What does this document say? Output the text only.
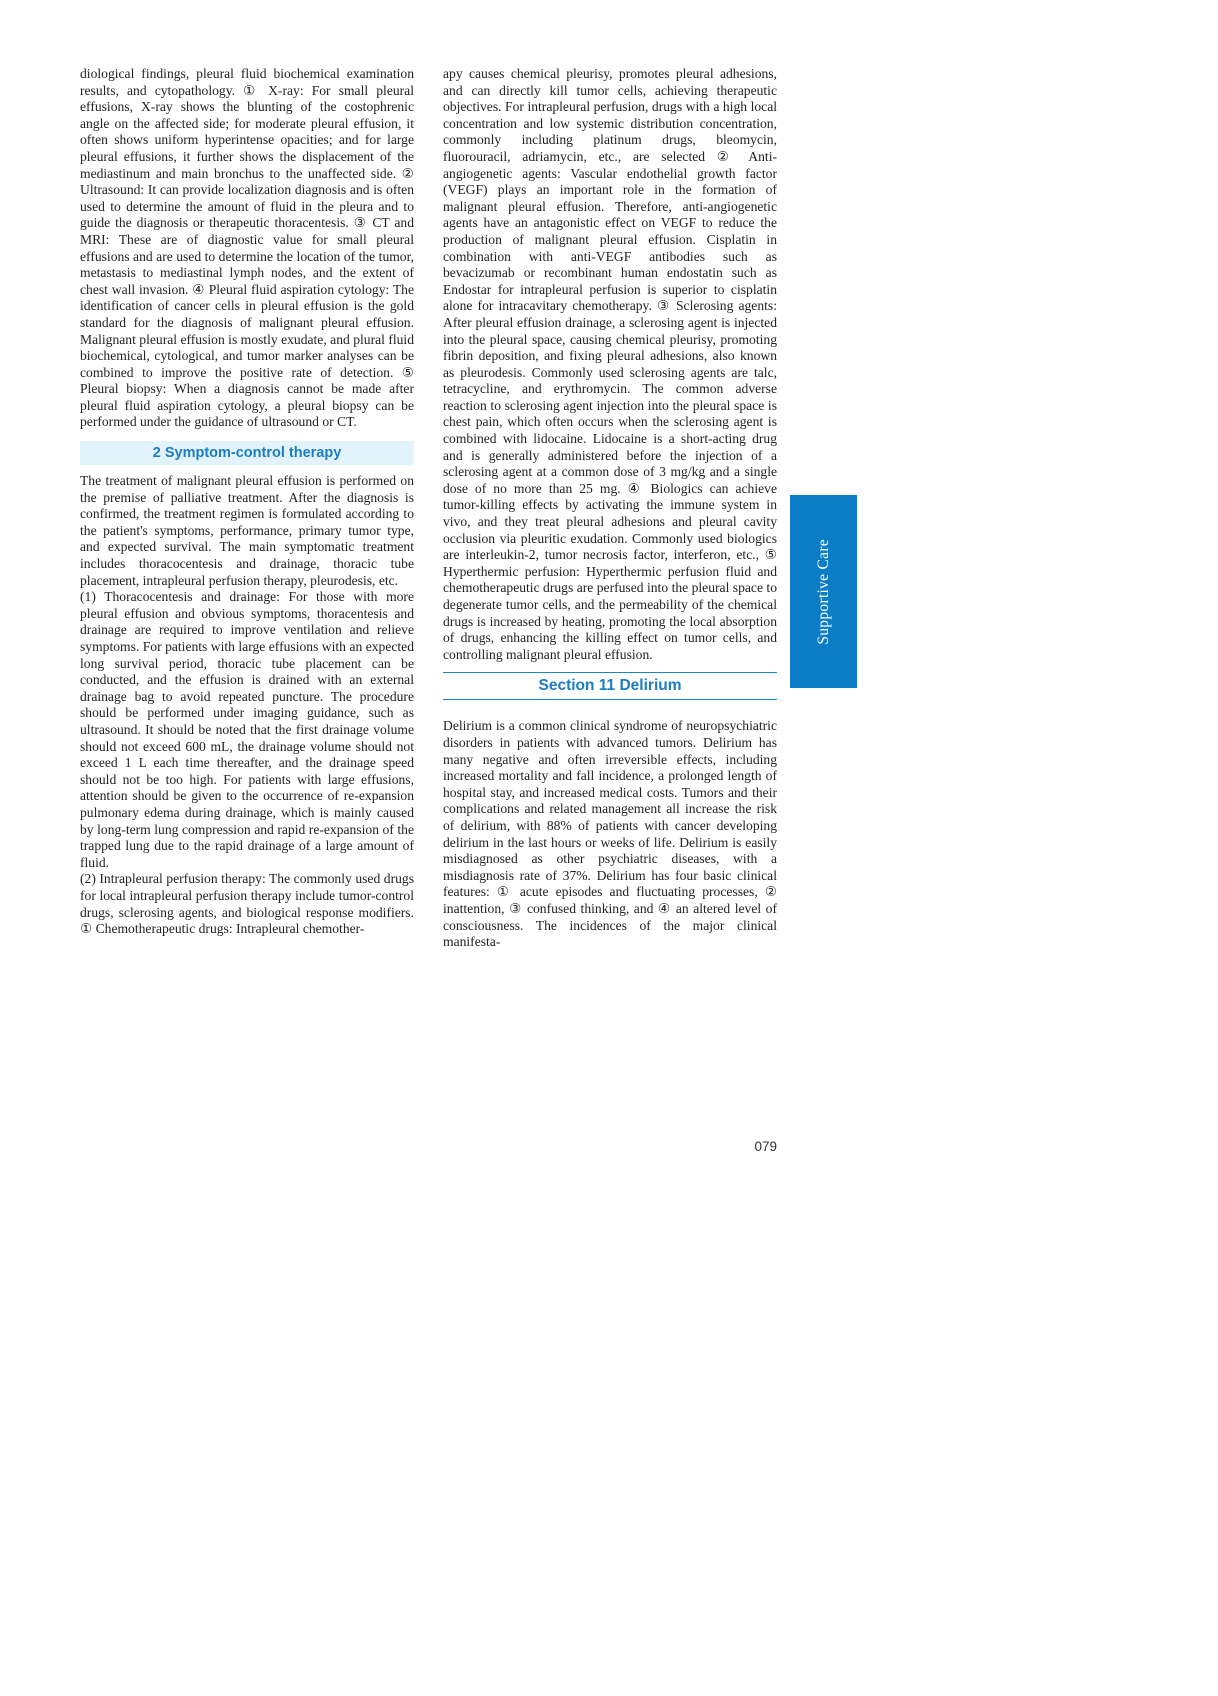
diological findings, pleural fluid biochemical examination results, and cytopathology. ① X-ray: For small pleural effusions, X-ray shows the blunting of the costophrenic angle on the affected side; for moderate pleural effusion, it often shows uniform hyperintense opacities; and for large pleural effusions, it further shows the displacement of the mediastinum and main bronchus to the unaffected side. ② Ultrasound: It can provide localization diagnosis and is often used to determine the amount of fluid in the pleura and to guide the diagnosis or therapeutic thoracentesis. ③ CT and MRI: These are of diagnostic value for small pleural effusions and are used to determine the location of the tumor, metastasis to mediastinal lymph nodes, and the extent of chest wall invasion. ④ Pleural fluid aspiration cytology: The identification of cancer cells in pleural effusion is the gold standard for the diagnosis of malignant pleural effusion. Malignant pleural effusion is mostly exudate, and plural fluid biochemical, cytological, and tumor marker analyses can be combined to improve the positive rate of detection. ⑤ Pleural biopsy: When a diagnosis cannot be made after pleural fluid aspiration cytology, a pleural biopsy can be performed under the guidance of ultrasound or CT.

2 Symptom-control therapy

The treatment of malignant pleural effusion is performed on the premise of palliative treatment. After the diagnosis is confirmed, the treatment regimen is formulated according to the patient's symptoms, performance, primary tumor type, and expected survival. The main symptomatic treatment includes thoracocentesis and drainage, thoracic tube placement, intrapleural perfusion therapy, pleurodesis, etc.

(1) Thoracocentesis and drainage: For those with more pleural effusion and obvious symptoms, thoracentesis and drainage are required to improve ventilation and relieve symptoms. For patients with large effusions with an expected long survival period, thoracic tube placement can be conducted, and the effusion is drained with an external drainage bag to avoid repeated puncture. The procedure should be performed under imaging guidance, such as ultrasound. It should be noted that the first drainage volume should not exceed 600 mL, the drainage volume should not exceed 1 L each time thereafter, and the drainage speed should not be too high. For patients with large effusions, attention should be given to the occurrence of re-expansion pulmonary edema during drainage, which is mainly caused by long-term lung compression and rapid re-expansion of the trapped lung due to the rapid drainage of a large amount of fluid.

(2) Intrapleural perfusion therapy: The commonly used drugs for local intrapleural perfusion therapy include tumor-control drugs, sclerosing agents, and biological response modifiers. ① Chemotherapeutic drugs: Intrapleural chemother-

apy causes chemical pleurisy, promotes pleural adhesions, and can directly kill tumor cells, achieving therapeutic objectives. For intrapleural perfusion, drugs with a high local concentration and low systemic distribution concentration, commonly including platinum drugs, bleomycin, fluorouracil, adriamycin, etc., are selected ② Anti-angiogenetic agents: Vascular endothelial growth factor (VEGF) plays an important role in the formation of malignant pleural effusion. Therefore, anti-angiogenetic agents have an antagonistic effect on VEGF to reduce the production of malignant pleural effusion. Cisplatin in combination with anti-VEGF antibodies such as bevacizumab or recombinant human endostatin such as Endostar for intrapleural perfusion is superior to cisplatin alone for intracavitary chemotherapy. ③ Sclerosing agents: After pleural effusion drainage, a sclerosing agent is injected into the pleural space, causing chemical pleurisy, promoting fibrin deposition, and fixing pleural adhesions, also known as pleurodesis. Commonly used sclerosing agents are talc, tetracycline, and erythromycin. The common adverse reaction to sclerosing agent injection into the pleural space is chest pain, which often occurs when the sclerosing agent is combined with lidocaine. Lidocaine is a short-acting drug and is generally administered before the injection of a sclerosing agent at a common dose of 3 mg/kg and a single dose of no more than 25 mg. ④ Biologics can achieve tumor-killing effects by activating the immune system in vivo, and they treat pleural adhesions and pleural cavity occlusion via pleuritic exudation. Commonly used biologics are interleukin-2, tumor necrosis factor, interferon, etc., ⑤ Hyperthermic perfusion: Hyperthermic perfusion fluid and chemotherapeutic drugs are perfused into the pleural space to degenerate tumor cells, and the permeability of the chemical drugs is increased by heating, promoting the local absorption of drugs, enhancing the killing effect on tumor cells, and controlling malignant pleural effusion.

Section 11 Delirium

Delirium is a common clinical syndrome of neuropsychiatric disorders in patients with advanced tumors. Delirium has many negative and often irreversible effects, including increased mortality and fall incidence, a prolonged length of hospital stay, and increased medical costs. Tumors and their complications and related management all increase the risk of delirium, with 88% of patients with cancer developing delirium in the last hours or weeks of life. Delirium is easily misdiagnosed as other psychiatric diseases, with a misdiagnosis rate of 37%. Delirium has four basic clinical features: ① acute episodes and fluctuating processes, ② inattention, ③ confused thinking, and ④ an altered level of consciousness. The incidences of the major clinical manifesta-

Supportive Care
079
